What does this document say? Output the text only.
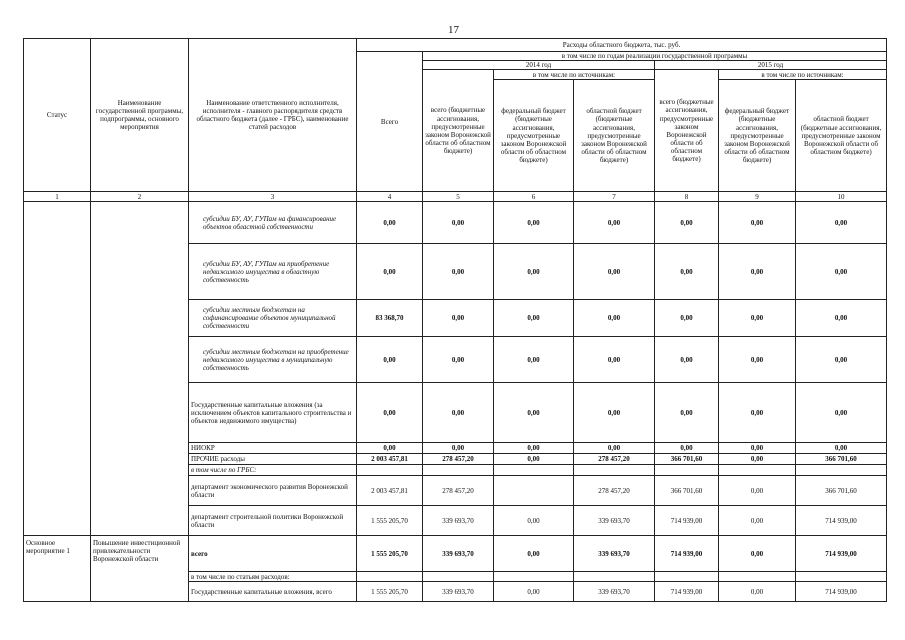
17
Статус	Наименование государственной программы, подпрограммы, основного мероприятия	Наименование ответственного исполнителя, исполнителя - главного распорядителя средств областного бюджета (далее - ГРБС), наименование статей расходов	Расходы областного бюджета, тыс. руб.						
			Всего	в том числе по годам реализации государственной программы					
				2014 год			2015 год		
				всего (бюджетные ассигнования, предусмотренные законом Воронежской области об областном бюджете)	в том числе по источникам:		всего (бюджетные ассигнования, предусмотренные законом Воронежской области об областном бюджете)	в том числе по источникам:	
					федеральный бюджет (бюджетные ассигнования, предусмотренные законом Воронежской области об областном бюджете)	областной бюджет (бюджетные ассигнования, предусмотренные законом Воронежской области об областном бюджете)		федеральный бюджет (бюджетные ассигнования, предусмотренные законом Воронежской области об областном бюджете)	областной бюджет (бюджетные ассигнования, предусмотренные законом Воронежской области об областном бюджете)
1	2	3	4	5	6	7	8	9	10
		субсидии БУ, АУ, ГУПам на финансирование объектов областной собственности	0,00	0,00	0,00	0,00	0,00	0,00	0,00
		субсидии БУ, АУ, ГУПам на приобретение недвижимого имущества в областную собственность	0,00	0,00	0,00	0,00	0,00	0,00	0,00
		субсидии местным бюджетам на софинансирование объектов муниципальной собственности	83 368,70	0,00	0,00	0,00	0,00	0,00	0,00
		субсидии местным бюджетам на приобретение недвижимого имущества в муниципальную собственность	0,00	0,00	0,00	0,00	0,00	0,00	0,00
		Государственные капитальные вложения (за исключением объектов капитального строительства и объектов недвижимого имущества)	0,00	0,00	0,00	0,00	0,00	0,00	0,00
		НИОКР	0,00	0,00	0,00	0,00	0,00	0,00	0,00
		ПРОЧИЕ расходы	2 003 457,81	278 457,20	0,00	278 457,20	366 701,60	0,00	366 701,60
		в том числе по ГРБС:							
		департамент экономического развития Воронежской области	2 003 457,81	278 457,20		278 457,20	366 701,60	0,00	366 701,60
		департамент строительной политики Воронежской области	1 555 205,70	339 693,70	0,00	339 693,70	714 939,00	0,00	714 939,00
Основное мероприятие 1	Повышение инвестиционной привлекательности Воронежской области	всего	1 555 205,70	339 693,70	0,00	339 693,70	714 939,00	0,00	714 939,00
		в том числе по статьям расходов:							
		Государственные капитальные вложения, всего	1 555 205,70	339 693,70	0,00	339 693,70	714 939,00	0,00	714 939,00
